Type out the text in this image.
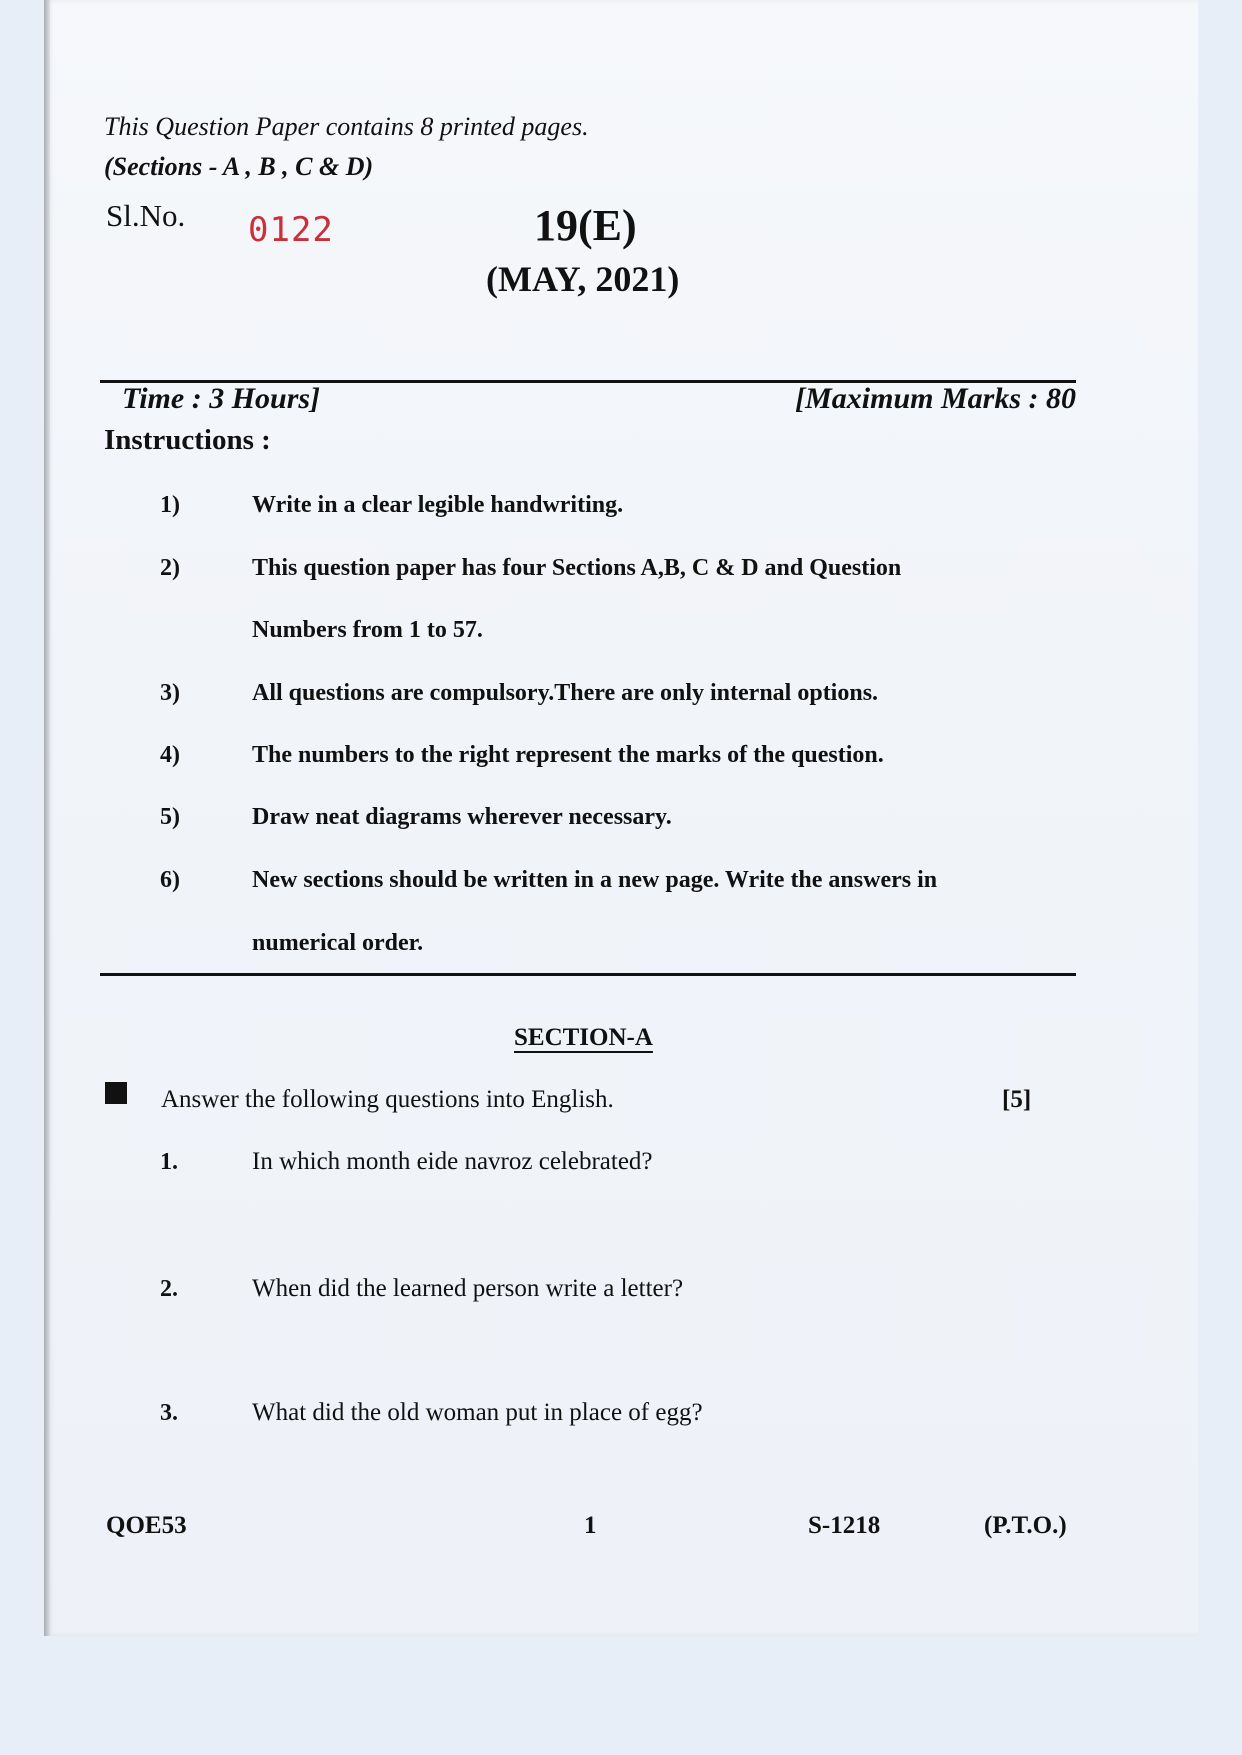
This Question Paper contains 8 printed pages.
(Sections - A , B , C & D)
Sl.No. 0122	19(E)
(MAY, 2021)
Time : 3 Hours]	[Maximum Marks : 80
Instructions :
1)	Write in a clear legible handwriting.
2)	This question paper has four Sections A,B, C & D and Question
Numbers from 1 to 57.
3)	All questions are compulsory.There are only internal options.
4)	The numbers to the right represent the marks of the question.
5)	Draw neat diagrams wherever necessary.
6)	New sections should be written in a new page. Write the answers in
numerical order.
SECTION-A
Answer the following questions into English.	[5]
1.	In which month eide navroz celebrated?
2.	When did the learned person write a letter?
3.	What did the old woman put in place of egg?
QOE53	1	S-1218	(P.T.O.)
